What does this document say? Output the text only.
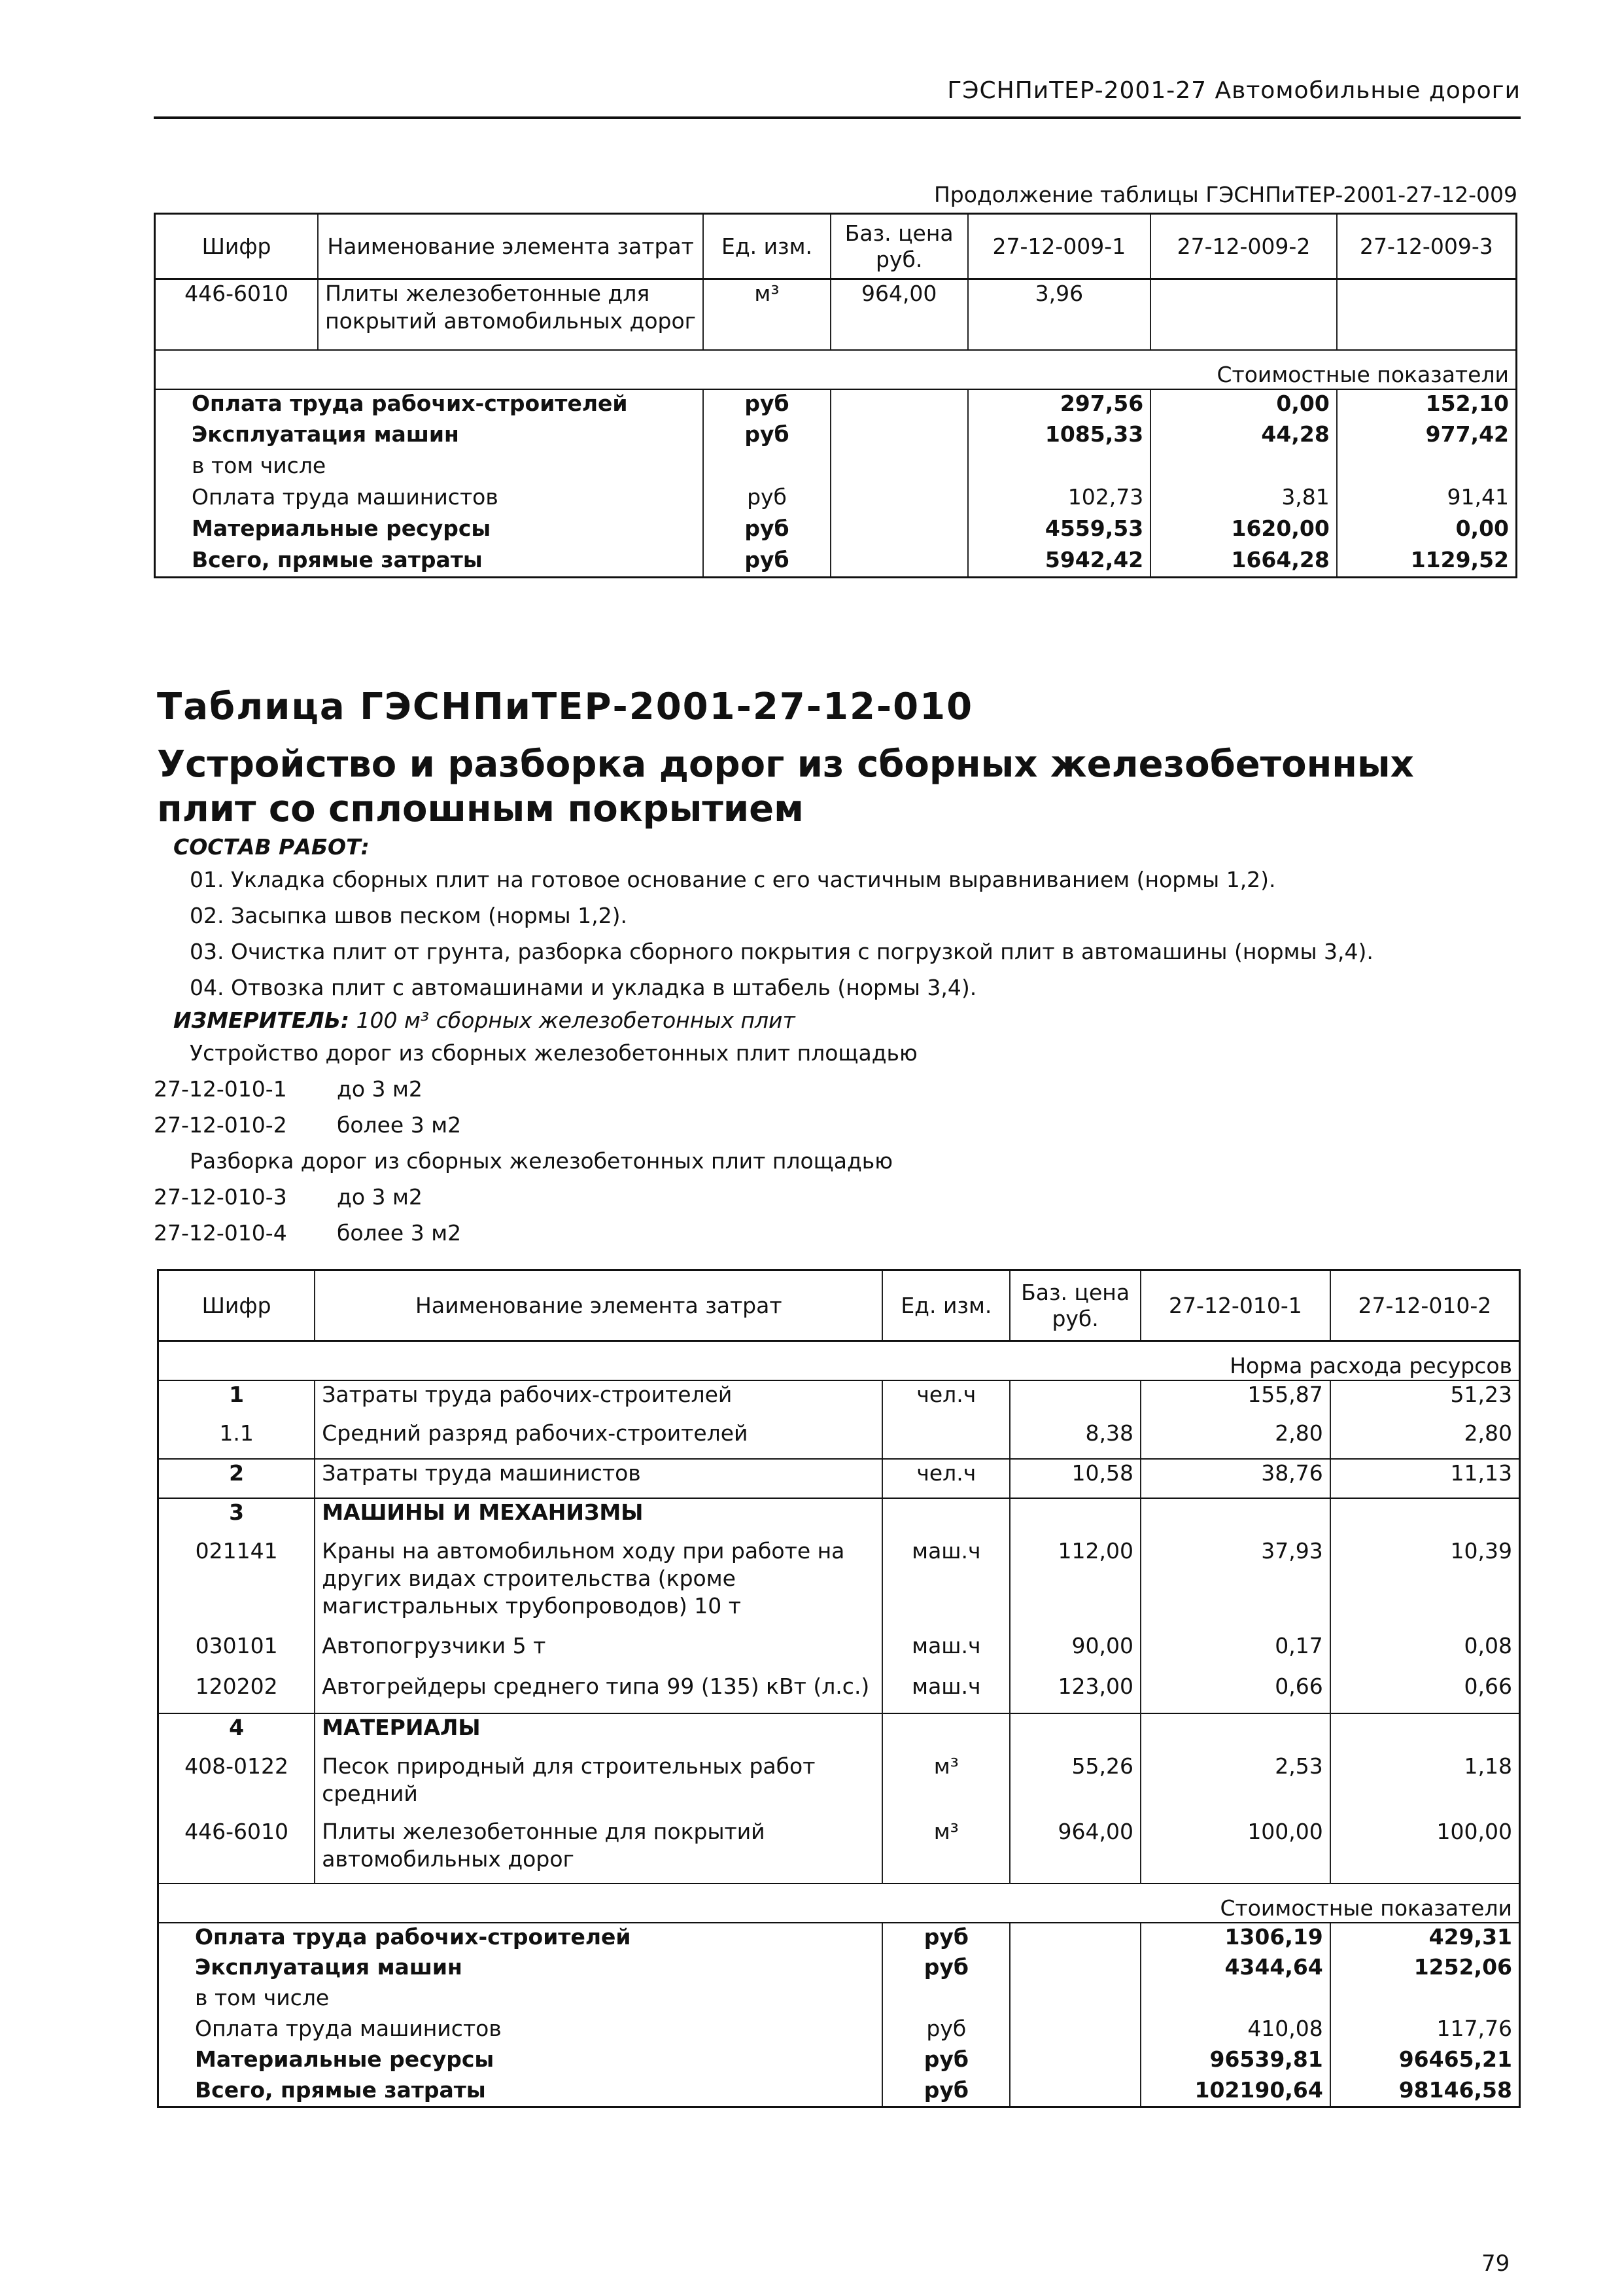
ГЭСНПиТЕР-2001-27 Автомобильные дороги
Продолжение таблицы ГЭСНПиТЕР-2001-27-12-009
Шифр	Наименование элемента затрат	Ед. изм.	Баз. цена руб.	27-12-009-1	27-12-009-2	27-12-009-3
446-6010	Плиты железобетонные для покрытий автомобильных дорог	м³	964,00	3,96		
Стоимостные показатели						
Оплата труда рабочих-строителей		руб		297,56	0,00	152,10
Эксплуатация машин		руб		1085,33	44,28	977,42
в том числе						
Оплата труда машинистов		руб		102,73	3,81	91,41
Материальные ресурсы		руб		4559,53	1620,00	0,00
Всего, прямые затраты		руб		5942,42	1664,28	1129,52
Таблица ГЭСНПиТЕР-2001-27-12-010
Устройство и разборка дорог из сборных железобетонных плит со сплошным покрытием
СОСТАВ РАБОТ:
01. Укладка сборных плит на готовое основание с его частичным выравниванием (нормы 1,2).
02. Засыпка швов песком (нормы 1,2).
03. Очистка плит от грунта, разборка сборного покрытия с погрузкой плит в автомашины (нормы 3,4).
04. Отвозка плит с автомашинами и укладка в штабель (нормы 3,4).
ИЗМЕРИТЕЛЬ: 100 м³ сборных железобетонных плит
Устройство дорог из сборных железобетонных плит площадью
27-12-010-1 до 3 м2
27-12-010-2 более 3 м2
Разборка дорог из сборных железобетонных плит площадью
27-12-010-3 до 3 м2
27-12-010-4 более 3 м2
Шифр	Наименование элемента затрат	Ед. изм.	Баз. цена руб.	27-12-010-1	27-12-010-2
Норма расхода ресурсов					
1	Затраты труда рабочих-строителей	чел.ч		155,87	51,23
1.1	Средний разряд рабочих-строителей		8,38	2,80	2,80
2	Затраты труда машинистов	чел.ч	10,58	38,76	11,13
3	МАШИНЫ И МЕХАНИЗМЫ				
021141	Краны на автомобильном ходу при работе на других видах строительства (кроме магистральных трубопроводов) 10 т	маш.ч	112,00	37,93	10,39
030101	Автопогрузчики 5 т	маш.ч	90,00	0,17	0,08
120202	Автогрейдеры среднего типа 99 (135) кВт (л.с.)	маш.ч	123,00	0,66	0,66
4	МАТЕРИАЛЫ				
408-0122	Песок природный для строительных работ средний	м³	55,26	2,53	1,18
446-6010	Плиты железобетонные для покрытий автомобильных дорог	м³	964,00	100,00	100,00
Стоимостные показатели					
Оплата труда рабочих-строителей		руб		1306,19	429,31
Эксплуатация машин		руб		4344,64	1252,06
в том числе					
Оплата труда машинистов		руб		410,08	117,76
Материальные ресурсы		руб		96539,81	96465,21
Всего, прямые затраты		руб		102190,64	98146,58
79
